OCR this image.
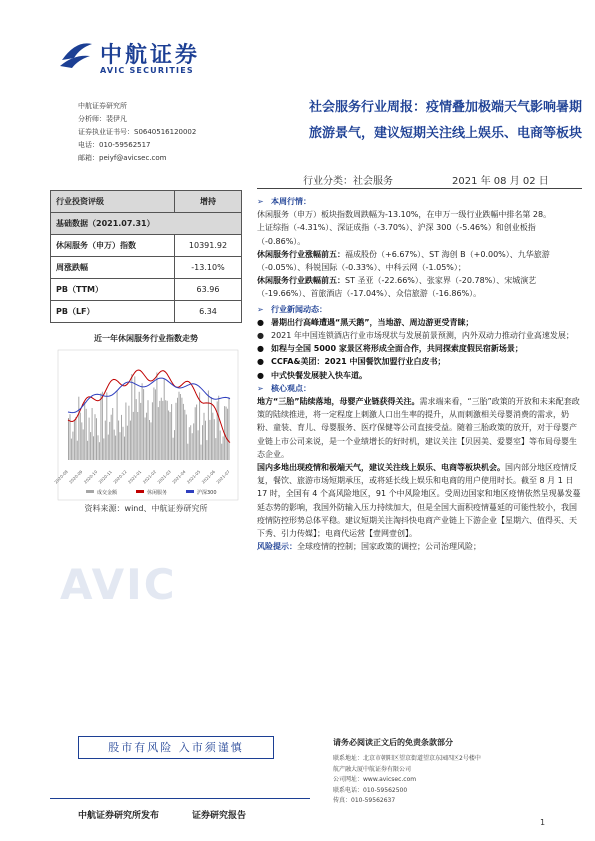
中航证券
AVIC SECURITIES
中航证券研究所
分析师：裴伊凡
证券执业证书号：S0640516120002
电话：010-59562517
邮箱：peiyf@avicsec.com
社会服务行业周报：疫情叠加极端天气影响暑期
旅游景气，建议短期关注线上娱乐、电商等板块
行业分类：社会服务	2021 年 08 月 02 日
行业投资评级	增持
基础数据（2021.07.31）	
休闲服务（申万）指数	10391.92
周涨跌幅	-13.10%
PB（TTM）	63.96
PB（LF）	6.34
近一年休闲服务行业指数走势
2020-08 2020-09 2020-10 2020-11 2020-12 2021-01 2021-02 2021-03 2021-04 2021-05 2021-06 2021-07
成交金额	休闲服务	沪深300
资料来源：wind、中航证券研究所
AVIC
➢ 本周行情：
休闲服务（申万）板块指数周跌幅为-13.10%，在申万一级行业跌幅中排名第 28。
上证综指（-4.31%）、深证成指（-3.70%）、沪深 300（-5.46%）和创业板指（-0.86%）。
休闲服务行业涨幅前五：福成股份（+6.67%）、ST 海创 B（+0.00%）、九华旅游（-0.05%）、科锐国际（-0.33%）、中科云网（-1.05%）；
休闲服务行业跌幅前五：ST 圣亚（-22.66%）、张家界（-20.78%）、宋城演艺（-19.66%）、首旅酒店（-17.04%）、众信旅游（-16.86%）。
➢ 行业新闻动态：
● 暑期出行高峰遭遇“黑天鹅”，当地游、周边游更受青睐；
● 2021 年中国连锁酒店行业市场现状与发展前景预测，内外双动力推动行业高速发展；
● 如程与全国 5000 家景区将形成全面合作，共同探索度假民宿新场景；
● CCFA&美团：2021 中国餐饮加盟行业白皮书；
● 中式快餐发展驶入快车道。
➢ 核心观点：
地方“三胎”陆续落地，母婴产业链获得关注。需求端来看，“三胎”政策的开放和未来配套政策的陆续推进，将一定程度上刺激人口出生率的提升，从而刺激相关母婴消费的需求，奶粉、童装、育儿、母婴服务、医疗保健等公司直接受益。随着三胎政策的放开，对于母婴产业链上市公司来说，是一个业绩增长的好时机，建议关注【贝因美、爱婴室】等布局母婴生态企业。
国内多地出现疫情和极端天气，建议关注线上娱乐、电商等板块机会。国内部分地区疫情反复，餐饮、旅游市场短期承压，或将延长线上娱乐和电商的用户使用时长。截至 8 月 1 日 17 时，全国有 4 个高风险地区，91 个中风险地区。受周边国家和地区疫情依然呈现暴发蔓延态势的影响，我国外防输入压力持续加大，但是全国大面积疫情蔓延的可能性较小，我国疫情防控形势总体平稳。建议短期关注淘抖快电商产业链上下游企业【星期六、值得买、天下秀、引力传媒】；电商代运营【壹网壹创】。
风险提示：全球疫情的控制；国家政策的调控；公司治理风险；
股市有风险 入市须谨慎
中航证券研究所发布	证券研究报告
请务必阅读正文后的免责条款部分
联系地址：北京市朝阳区望京街道望京东园四区2号楼中
航产融大厦中航证券有限公司
公司网址：www.avicsec.com
联系电话：010-59562500
传真：010-59562637
1
